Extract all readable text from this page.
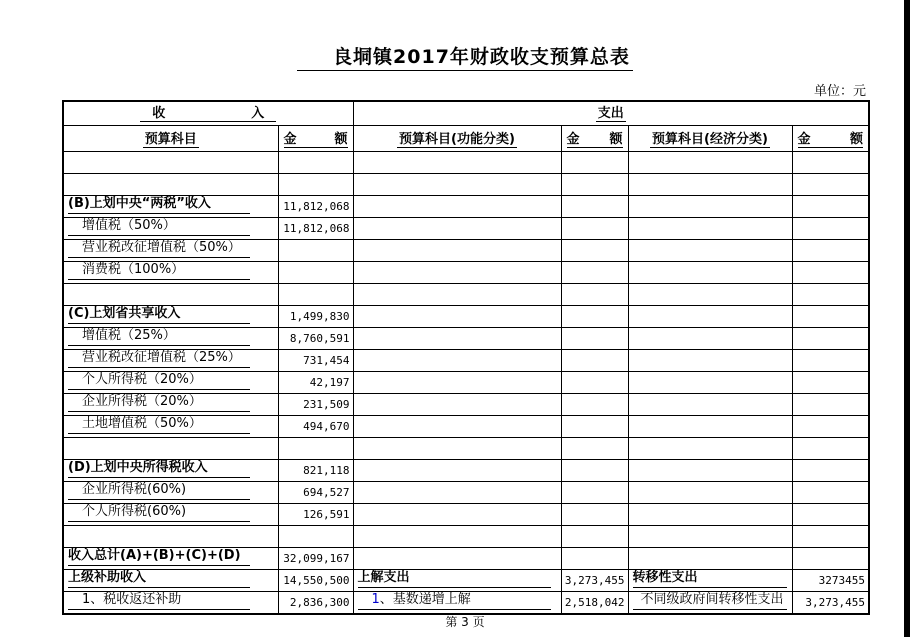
良垌镇2017年财政收支预算总表
单位：元
收 入		支出			
预算科目	金 额	预算科目(功能分类)	金 额	预算科目(经济分类)	金 额

(B)上划中央“两税”收入	11,812,068				

增值税（50%）	11,812,068				

营业税改征增值税（50%）					

消费税（100%）					

(C)上划省共享收入	1,499,830				

增值税（25%）	8,760,591				

营业税改征增值税（25%）	731,454				

个人所得税（20%）	42,197				

企业所得税（20%）	231,509				

土地增值税（50%）	494,670				

(D)上划中央所得税收入	821,118				

企业所得税(60%)	694,527				

个人所得税(60%)	126,591				

收入总计(A)+(B)+(C)+(D)	32,099,167				

上级补助收入	14,550,500	上解支出	3,273,455	转移性支出	3273455

1、税收返还补助	2,836,300	1、基数递增上解	2,518,042	不同级政府间转移性支出	3,273,455
第 3 页
